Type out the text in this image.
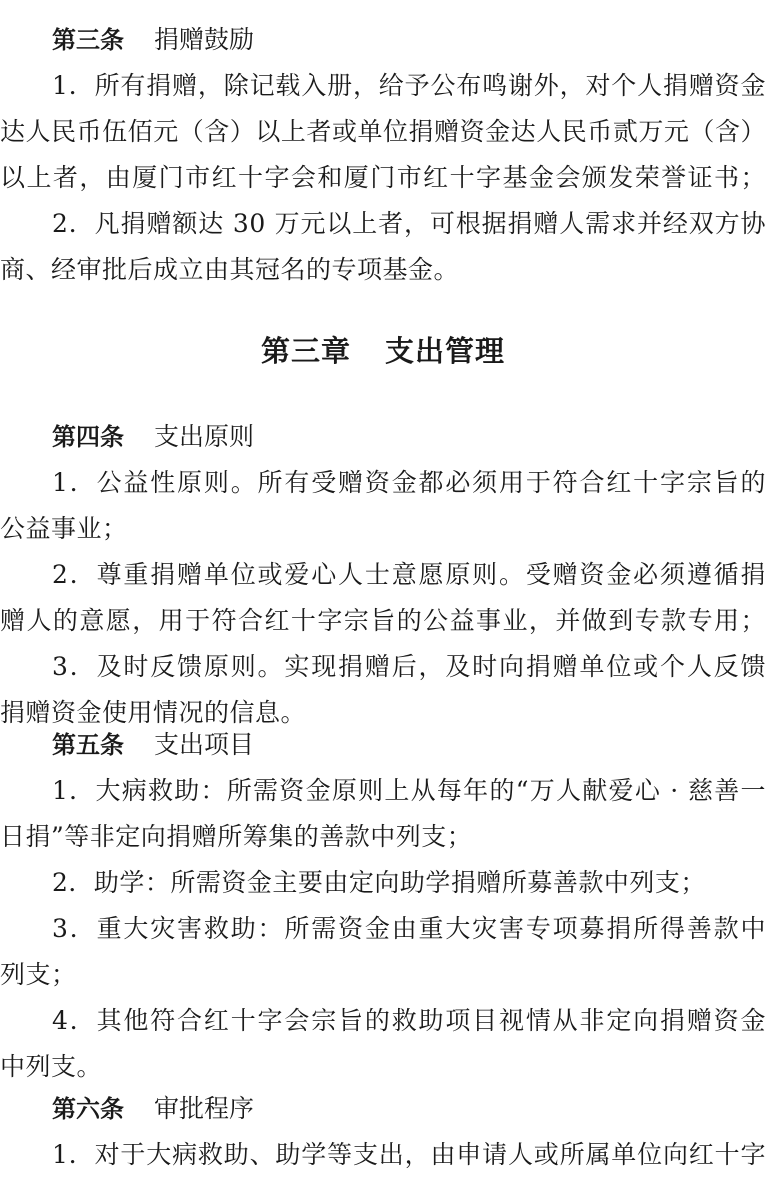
第三条 捐赠鼓励
1．所有捐赠，除记载入册，给予公布鸣谢外，对个人捐赠资金
达人民币伍佰元（含）以上者或单位捐赠资金达人民币贰万元（含）
以上者，由厦门市红十字会和厦门市红十字基金会颁发荣誉证书；
2．凡捐赠额达 30 万元以上者，可根据捐赠人需求并经双方协
商、经审批后成立由其冠名的专项基金。
第三章 支出管理
第四条 支出原则
1．公益性原则。所有受赠资金都必须用于符合红十字宗旨的
公益事业；
2．尊重捐赠单位或爱心人士意愿原则。受赠资金必须遵循捐
赠人的意愿，用于符合红十字宗旨的公益事业，并做到专款专用；
3．及时反馈原则。实现捐赠后，及时向捐赠单位或个人反馈
捐赠资金使用情况的信息。
第五条 支出项目
1．大病救助：所需资金原则上从每年的“万人献爱心 · 慈善一
日捐”等非定向捐赠所筹集的善款中列支；
2．助学：所需资金主要由定向助学捐赠所募善款中列支；
3．重大灾害救助：所需资金由重大灾害专项募捐所得善款中
列支；
4．其他符合红十字会宗旨的救助项目视情从非定向捐赠资金
中列支。
第六条 审批程序
1．对于大病救助、助学等支出，由申请人或所属单位向红十字
